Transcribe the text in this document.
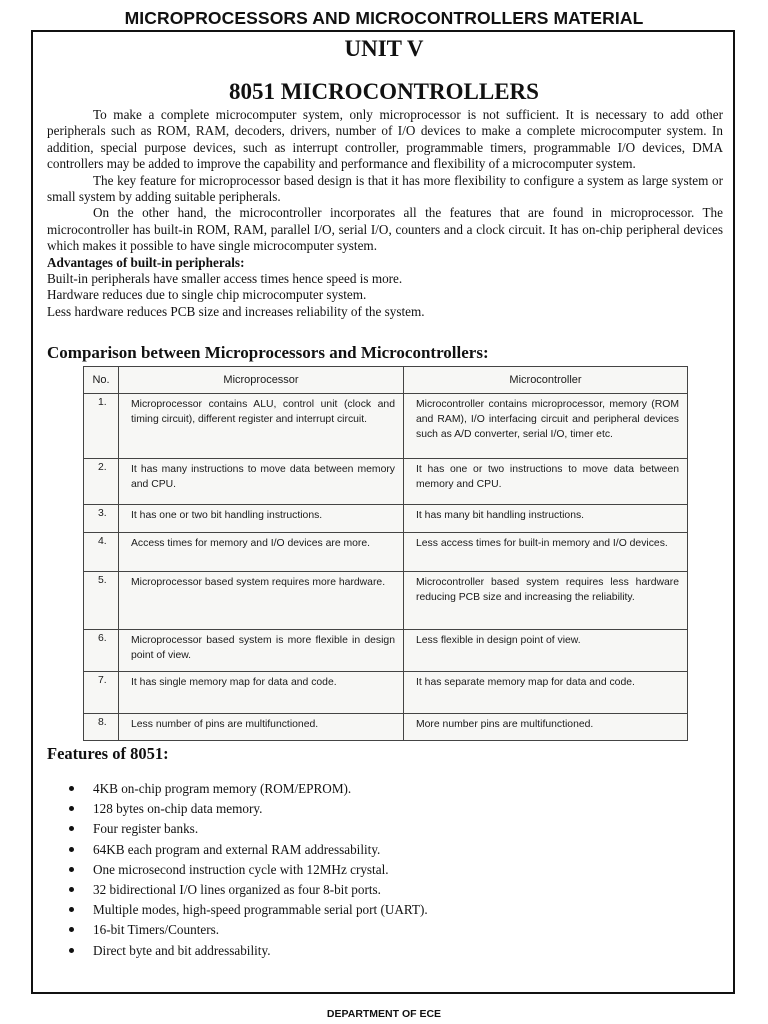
MICROPROCESSORS AND MICROCONTROLLERS MATERIAL
UNIT V
8051 MICROCONTROLLERS

To make a complete microcomputer system, only microprocessor is not sufficient. It is necessary to add other peripherals such as ROM, RAM, decoders, drivers, number of I/O devices to make a complete microcomputer system. In addition, special purpose devices, such as interrupt controller, programmable timers, programmable I/O devices, DMA controllers may be added to improve the capability and performance and flexibility of a microcomputer system.

The key feature for microprocessor based design is that it has more flexibility to configure a system as large system or small system by adding suitable peripherals.

On the other hand, the microcontroller incorporates all the features that are found in microprocessor. The microcontroller has built-in ROM, RAM, parallel I/O, serial I/O, counters and a clock circuit. It has on-chip peripheral devices which makes it possible to have single microcomputer system.

Advantages of built-in peripherals:

Built-in peripherals have smaller access times hence speed is more.

Hardware reduces due to single chip microcomputer system.

Less hardware reduces PCB size and increases reliability of the system.

Comparison between Microprocessors and Microcontrollers:
No.	Microprocessor	Microcontroller
1.	Microprocessor contains ALU, control unit (clock and timing circuit), different register and interrupt circuit.	Microcontroller contains microprocessor, memory (ROM and RAM), I/O interfacing circuit and peripheral devices such as A/D converter, serial I/O, timer etc.
2.	It has many instructions to move data between memory and CPU.	It has one or two instructions to move data between memory and CPU.
3.	It has one or two bit handling instructions.	It has many bit handling instructions.
4.	Access times for memory and I/O devices are more.	Less access times for built-in memory and I/O devices.
5.	Microprocessor based system requires more hardware.	Microcontroller based system requires less hardware reducing PCB size and increasing the reliability.
6.	Microprocessor based system is more flexible in design point of view.	Less flexible in design point of view.
7.	It has single memory map for data and code.	It has separate memory map for data and code.
8.	Less number of pins are multifunctioned.	More number pins are multifunctioned.
Features of 8051:
4KB on-chip program memory (ROM/EPROM).
128 bytes on-chip data memory.
Four register banks.
64KB each program and external RAM addressability.
One microsecond instruction cycle with 12MHz crystal.
32 bidirectional I/O lines organized as four 8-bit ports.
Multiple modes, high-speed programmable serial port (UART).
16-bit Timers/Counters.
Direct byte and bit addressability.
DEPARTMENT OF ECE
